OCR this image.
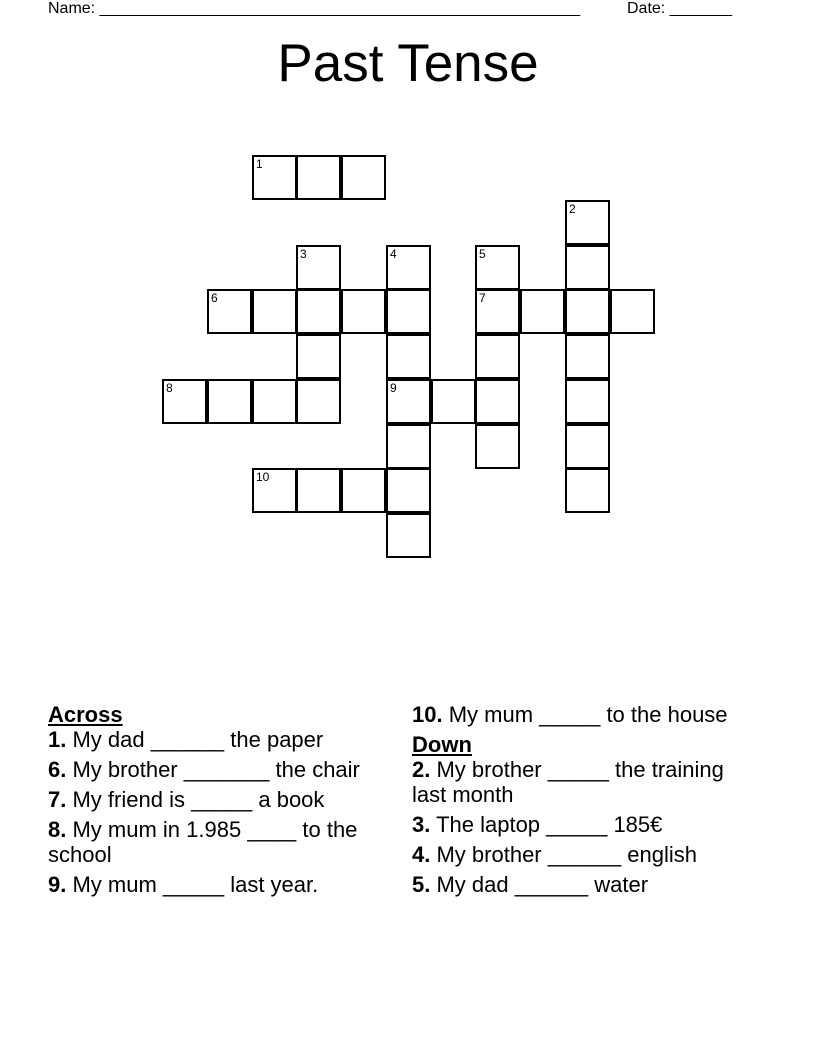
Name: ______________________________________________________	Date: _______
Past Tense
1
2
3	4	5
6	7
8	9
10
Across
1. My dad ______ the paper
6. My brother _______ the chair
7. My friend is _____ a book
8. My mum in 1.985 ____ to the school
9. My mum _____ last year.
10. My mum _____ to the house
Down
2. My brother _____ the training last month
3. The laptop _____ 185€
4. My brother ______ english
5. My dad ______ water
